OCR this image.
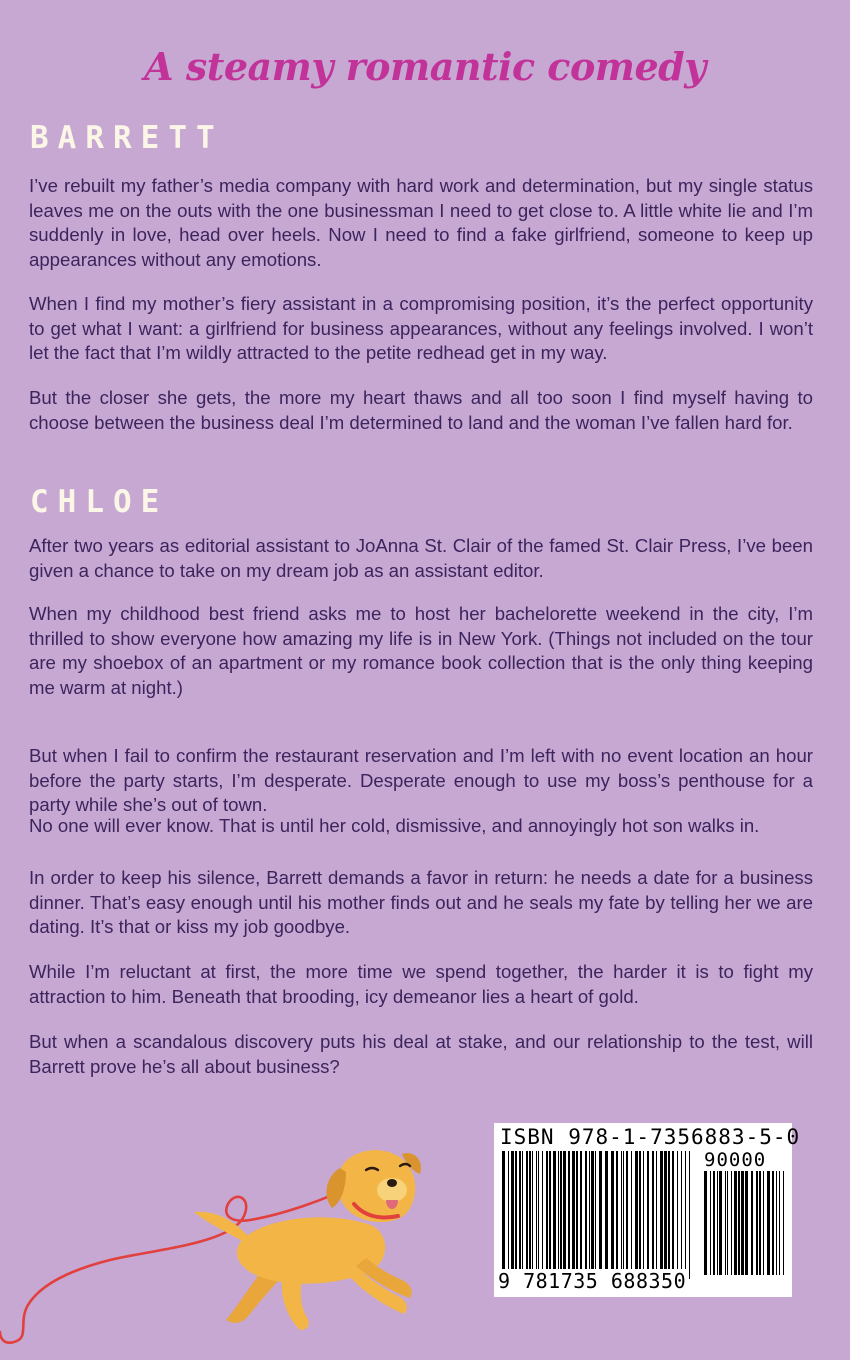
A steamy romantic comedy
BARRETT

I’ve rebuilt my father’s media company with hard work and determination, but my single status leaves me on the outs with the one businessman I need to get close to. A little white lie and I’m suddenly in love, head over heels. Now I need to find a fake girlfriend, someone to keep up appearances without any emotions.

When I find my mother’s fiery assistant in a compromising position, it’s the perfect opportunity to get what I want: a girlfriend for business appearances, without any feelings involved. I won’t let the fact that I’m wildly attracted to the petite redhead get in my way.

But the closer she gets, the more my heart thaws and all too soon I find myself having to choose between the business deal I’m determined to land and the woman I’ve fallen hard for.

CHLOE

After two years as editorial assistant to JoAnna St. Clair of the famed St. Clair Press, I’ve been given a chance to take on my dream job as an assistant editor.

When my childhood best friend asks me to host her bachelorette weekend in the city, I’m thrilled to show everyone how amazing my life is in New York. (Things not included on the tour are my shoebox of an apartment or my romance book collection that is the only thing keeping me warm at night.)

But when I fail to confirm the restaurant reservation and I’m left with no event location an hour before the party starts, I’m desperate. Desperate enough to use my boss’s penthouse for a party while she’s out of town.

No one will ever know. That is until her cold, dismissive, and annoyingly hot son walks in.

In order to keep his silence, Barrett demands a favor in return: he needs a date for a business dinner. That’s easy enough until his mother finds out and he seals my fate by telling her we are dating. It’s that or kiss my job goodbye.

While I’m reluctant at first, the more time we spend together, the harder it is to fight my attraction to him. Beneath that brooding, icy demeanor lies a heart of gold.

But when a scandalous discovery puts his deal at stake, and our relationship to the test, will Barrett prove he’s all about business?

ISBN 978-1-7356883-5-0
90000
9 781735 688350
